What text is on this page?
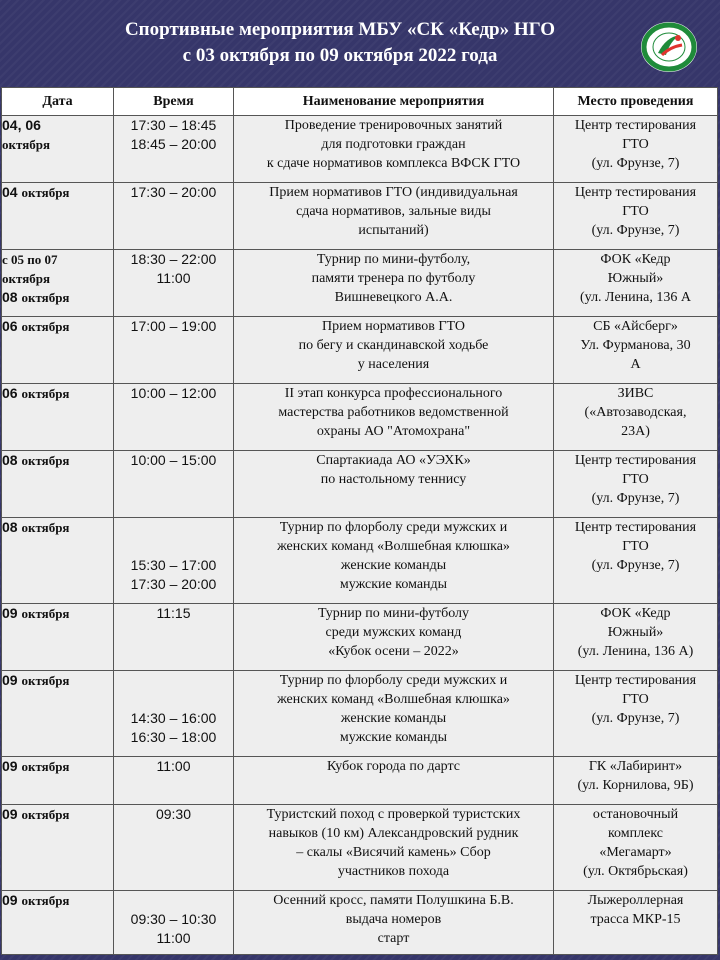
Спортивные мероприятия МБУ «СК «Кедр» НГО
с 03 октября по 09 октября 2022 года
Дата	Время	Наименование мероприятия	Место проведения

04, 06
октября	17:30 – 18:45
18:45 – 20:00	Проведение тренировочных занятий
для подготовки граждан
к сдаче нормативов комплекса ВФСК ГТО	Центр тестирования
ГТО
(ул. Фрунзе, 7)

04 октября	17:30 – 20:00	Прием нормативов ГТО (индивидуальная
сдача нормативов, зальные виды
испытаний)	Центр тестирования
ГТО
(ул. Фрунзе, 7)

с 05 по 07
октября
08 октября	18:30 – 22:00
11:00	Турнир по мини-футболу,
памяти тренера по футболу
Вишневецкого А.А.	ФОК «Кедр
Южный»
(ул. Ленина, 136 А

06 октября	17:00 – 19:00	Прием нормативов ГТО
по бегу и скандинавской ходьбе
у населения	СБ «Айсберг»
Ул. Фурманова, 30
А

06 октября	10:00 – 12:00	II этап конкурса профессионального
мастерства работников ведомственной
охраны АО "Атомохрана"	ЗИВС
(«Автозаводская,
23А)

08 октября	10:00 – 15:00	Спартакиада АО «УЭХК»
по настольному теннису	Центр тестирования
ГТО
(ул. Фрунзе, 7)

08 октября	15:30 – 17:00
17:30 – 20:00	Турнир по флорболу среди мужских и
женских команд «Волшебная клюшка»
женские команды
мужские команды	Центр тестирования
ГТО
(ул. Фрунзе, 7)

09 октября	11:15	Турнир по мини-футболу
среди мужских команд
«Кубок осени – 2022»	ФОК «Кедр
Южный»
(ул. Ленина, 136 А)

09 октября	14:30 – 16:00
16:30 – 18:00	Турнир по флорболу среди мужских и
женских команд «Волшебная клюшка»
женские команды
мужские команды	Центр тестирования
ГТО
(ул. Фрунзе, 7)

09 октября	11:00	Кубок города по дартс	ГК «Лабиринт»
(ул. Корнилова, 9Б)

09 октября	09:30	Туристский поход с проверкой туристских
навыков (10 км) Александровский рудник
– скалы «Висячий камень» Сбор
участников похода	остановочный
комплекс
«Мегамарт»
(ул. Октябрьская)

09 октября	09:30 – 10:30
11:00	Осенний кросс, памяти Полушкина Б.В.
выдача номеров
старт	Лыжероллерная
трасса МКР-15
